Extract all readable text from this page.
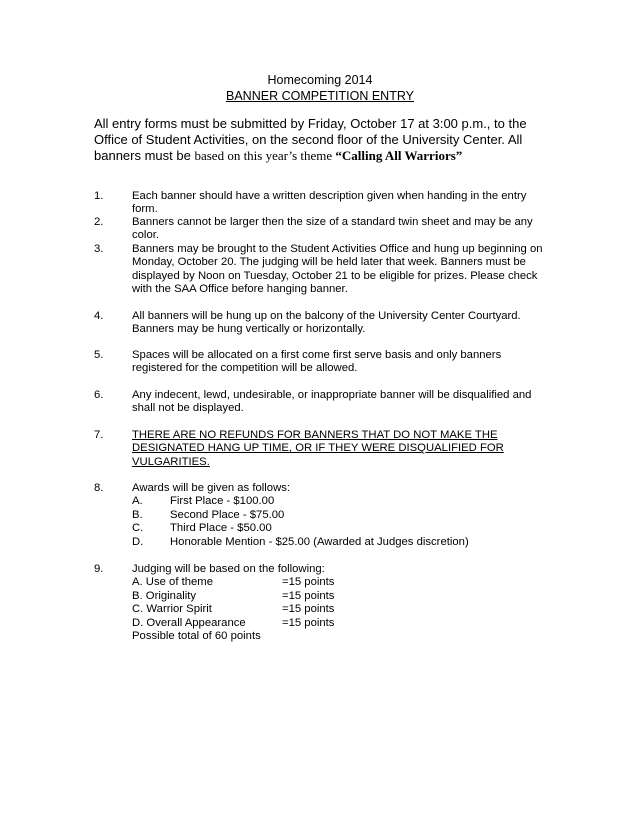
Homecoming 2014
BANNER COMPETITION ENTRY
All entry forms must be submitted by Friday, October 17 at 3:00 p.m., to the Office of Student Activities, on the second floor of the University Center. All banners must be based on this year’s theme “Calling All Warriors”
1.	Each banner should have a written description given when handing in the entry form.
2.	Banners cannot be larger then the size of a standard twin sheet and may be any color.
3.	Banners may be brought to the Student Activities Office and hung up beginning on Monday, October 20. The judging will be held later that week. Banners must be displayed by Noon on Tuesday, October 21 to be eligible for prizes. Please check with the SAA Office before hanging banner.
4.	All banners will be hung up on the balcony of the University Center Courtyard. Banners may be hung vertically or horizontally.
5.	Spaces will be allocated on a first come first serve basis and only banners registered for the competition will be allowed.
6.	Any indecent, lewd, undesirable, or inappropriate banner will be disqualified and shall not be displayed.
7.	THERE ARE NO REFUNDS FOR BANNERS THAT DO NOT MAKE THE DESIGNATED HANG UP TIME, OR IF THEY WERE DISQUALIFIED FOR VULGARITIES.
8.	Awards will be given as follows:
A. First Place - $100.00
B. Second Place - $75.00
C. Third Place - $50.00
D. Honorable Mention - $25.00 (Awarded at Judges discretion)
9.	Judging will be based on the following:
A. Use of theme	=15 points
B. Originality	=15 points
C. Warrior Spirit	=15 points
D. Overall Appearance	=15 points
Possible total of 60 points
